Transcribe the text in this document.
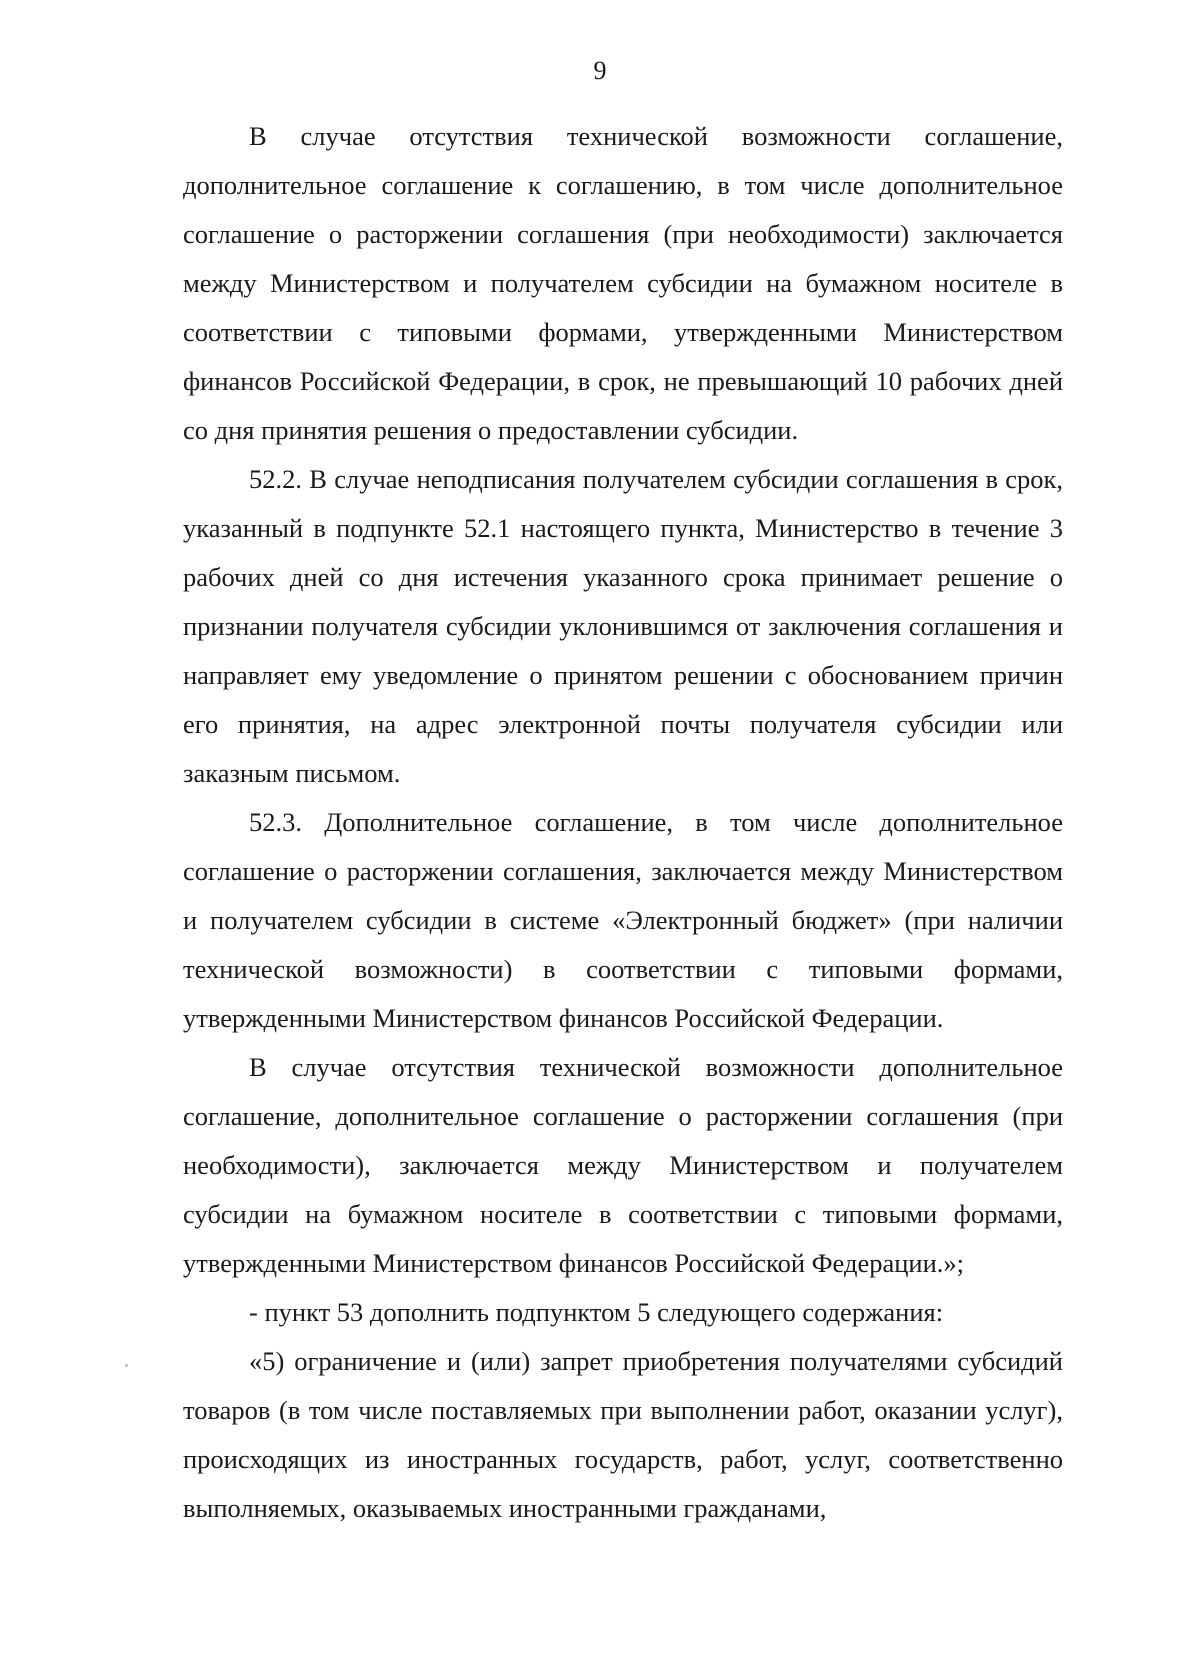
9

В случае отсутствия технической возможности соглашение, дополнительное соглашение к соглашению, в том числе дополнительное соглашение о расторжении соглашения (при необходимости) заключается между Министерством и получателем субсидии на бумажном носителе в соответствии с типовыми формами, утвержденными Министерством финансов Российской Федерации, в срок, не превышающий 10 рабочих дней со дня принятия решения о предоставлении субсидии.

52.2. В случае неподписания получателем субсидии соглашения в срок, указанный в подпункте 52.1 настоящего пункта, Министерство в течение 3 рабочих дней со дня истечения указанного срока принимает решение о признании получателя субсидии уклонившимся от заключения соглашения и направляет ему уведомление о принятом решении с обоснованием причин его принятия, на адрес электронной почты получателя субсидии или заказным письмом.

52.3. Дополнительное соглашение, в том числе дополнительное соглашение о расторжении соглашения, заключается между Министерством и получателем субсидии в системе «Электронный бюджет» (при наличии технической возможности) в соответствии с типовыми формами, утвержденными Министерством финансов Российской Федерации.

В случае отсутствия технической возможности дополнительное соглашение, дополнительное соглашение о расторжении соглашения (при необходимости), заключается между Министерством и получателем субсидии на бумажном носителе в соответствии с типовыми формами, утвержденными Министерством финансов Российской Федерации.»;

- пункт 53 дополнить подпунктом 5 следующего содержания:

«5) ограничение и (или) запрет приобретения получателями субсидий товаров (в том числе поставляемых при выполнении работ, оказании услуг), происходящих из иностранных государств, работ, услуг, соответственно выполняемых, оказываемых иностранными гражданами,
